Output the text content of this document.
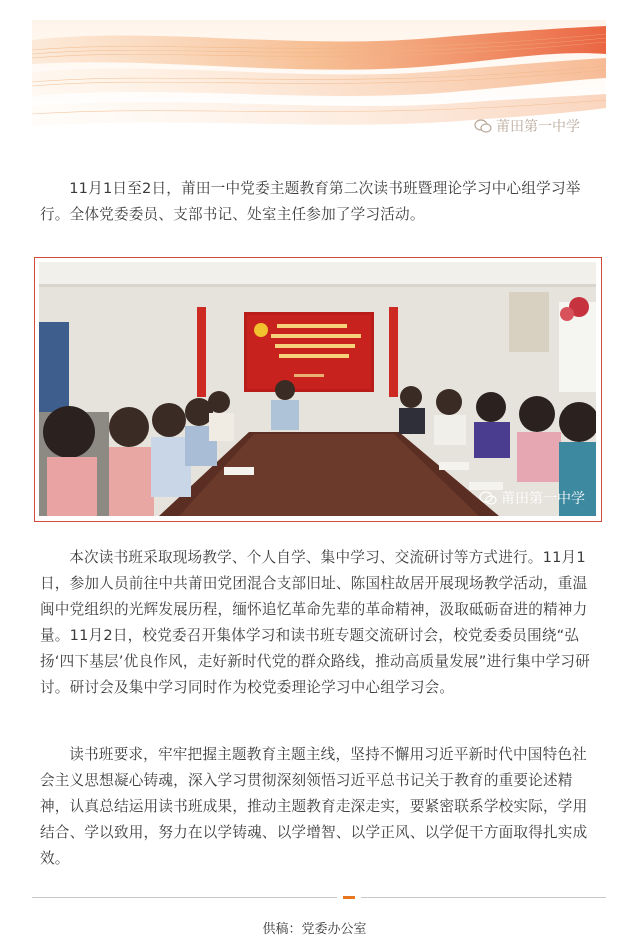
莆田第一中学

11月1日至2日，莆田一中党委主题教育第二次读书班暨理论学习中心组学习举行。全体党委委员、支部书记、处室主任参加了学习活动。

莆田第一中学

本次读书班采取现场教学、个人自学、集中学习、交流研讨等方式进行。11月1日，参加人员前往中共莆田党团混合支部旧址、陈国柱故居开展现场教学活动，重温闽中党组织的光辉发展历程，缅怀追忆革命先辈的革命精神，汲取砥砺奋进的精神力量。11月2日，校党委召开集体学习和读书班专题交流研讨会，校党委委员围绕“弘扬‘四下基层’优良作风，走好新时代党的群众路线，推动高质量发展”进行集中学习研讨。研讨会及集中学习同时作为校党委理论学习中心组学习会。

读书班要求，牢牢把握主题教育主题主线，坚持不懈用习近平新时代中国特色社会主义思想凝心铸魂，深入学习贯彻深刻领悟习近平总书记关于教育的重要论述精神，认真总结运用读书班成果，推动主题教育走深走实，要紧密联系学校实际，学用结合、学以致用，努力在以学铸魂、以学增智、以学正风、以学促干方面取得扎实成效。

供稿：党委办公室
